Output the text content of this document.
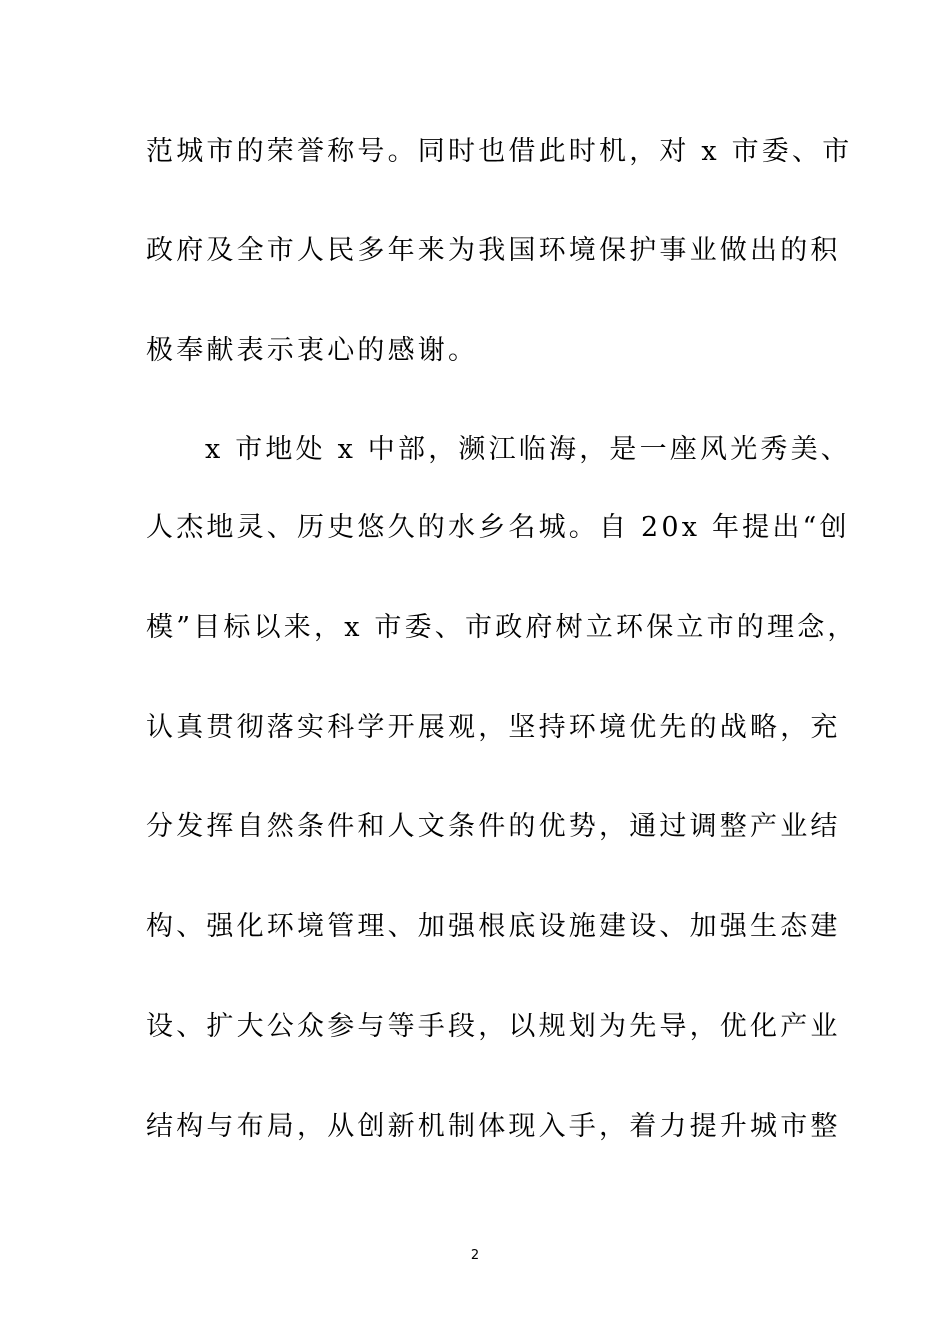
范城市的荣誉称号。同时也借此时机，对 x 市委、市
政府及全市人民多年来为我国环境保护事业做出的积
极奉献表示衷心的感谢。
x 市地处 x 中部，濒江临海，是一座风光秀美、
人杰地灵、历史悠久的水乡名城。自 20x 年提出“创
模”目标以来，x 市委、市政府树立环保立市的理念，
认真贯彻落实科学开展观，坚持环境优先的战略，充
分发挥自然条件和人文条件的优势，通过调整产业结
构、强化环境管理、加强根底设施建设、加强生态建
设、扩大公众参与等手段，以规划为先导，优化产业
结构与布局，从创新机制体现入手，着力提升城市整
2
